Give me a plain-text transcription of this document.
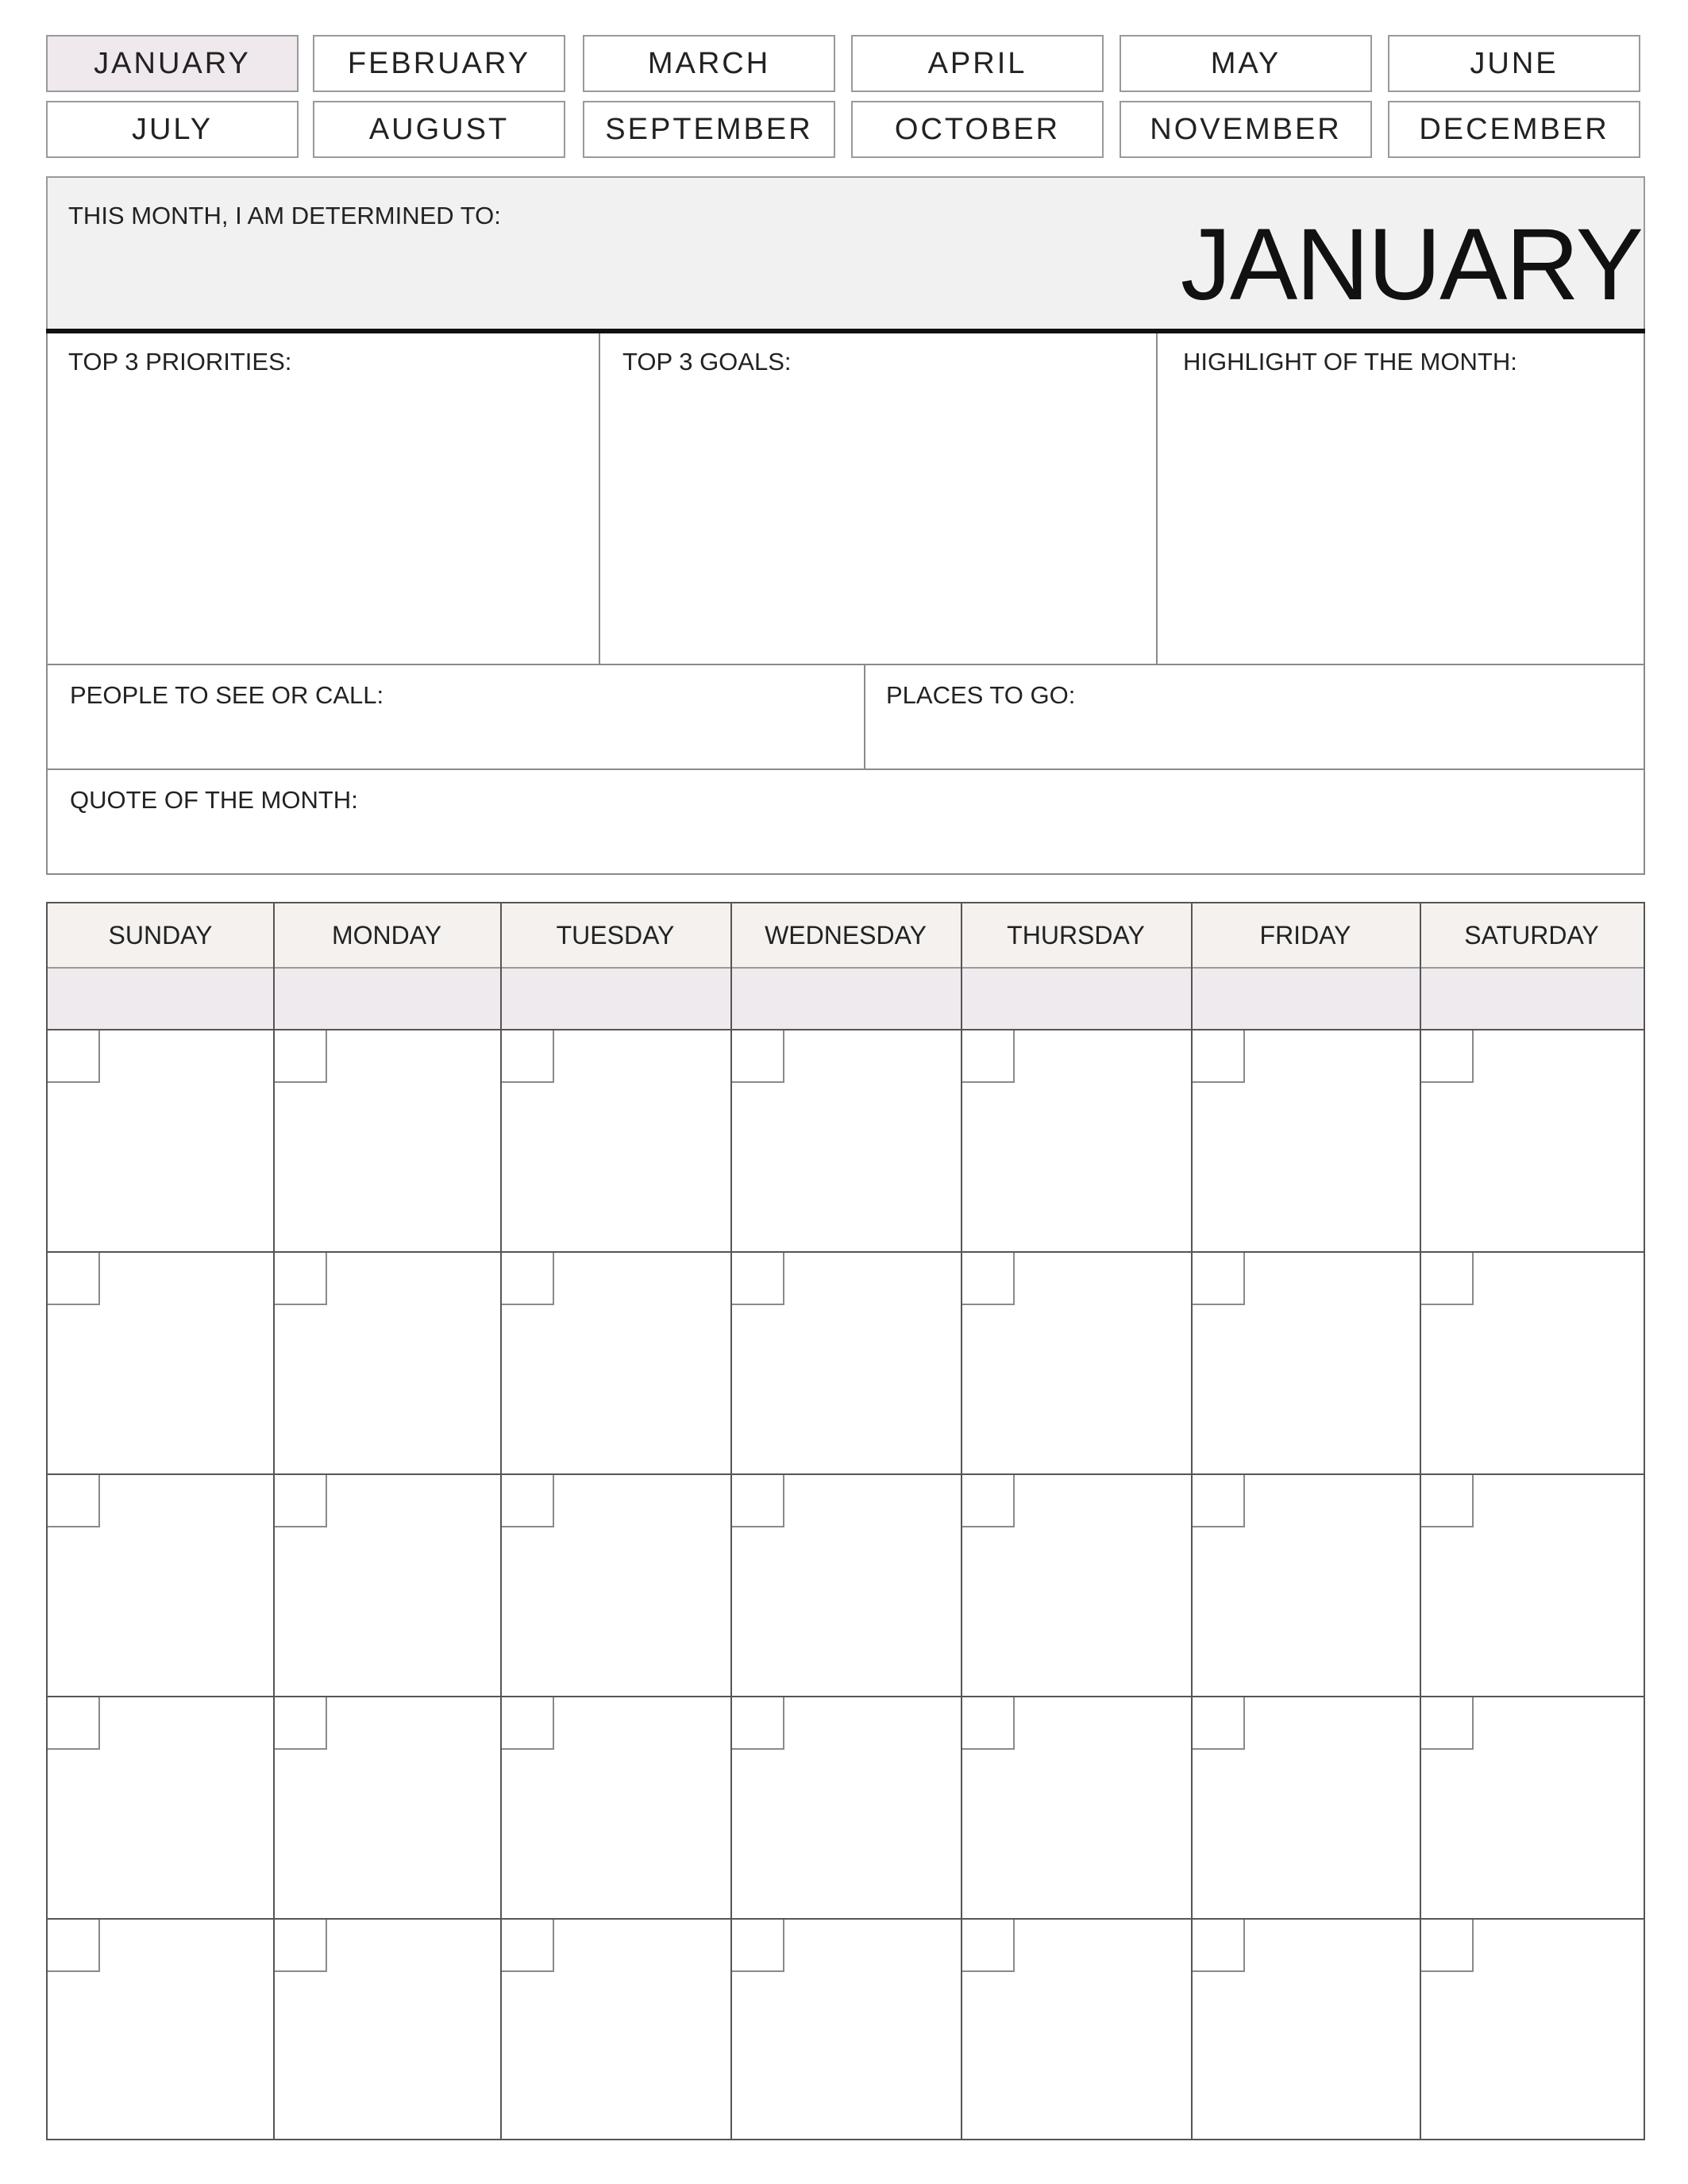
JANUARY	FEBRUARY	MARCH	APRIL	MAY	JUNE
JULY	AUGUST	SEPTEMBER	OCTOBER	NOVEMBER	DECEMBER
THIS MONTH, I AM DETERMINED TO:	JANUARY
TOP 3 PRIORITIES:	TOP 3 GOALS:	HIGHLIGHT OF THE MONTH:
PEOPLE TO SEE OR CALL:	PLACES TO GO:
QUOTE OF THE MONTH:
SUNDAY	MONDAY	TUESDAY	WEDNESDAY	THURSDAY	FRIDAY	SATURDAY
